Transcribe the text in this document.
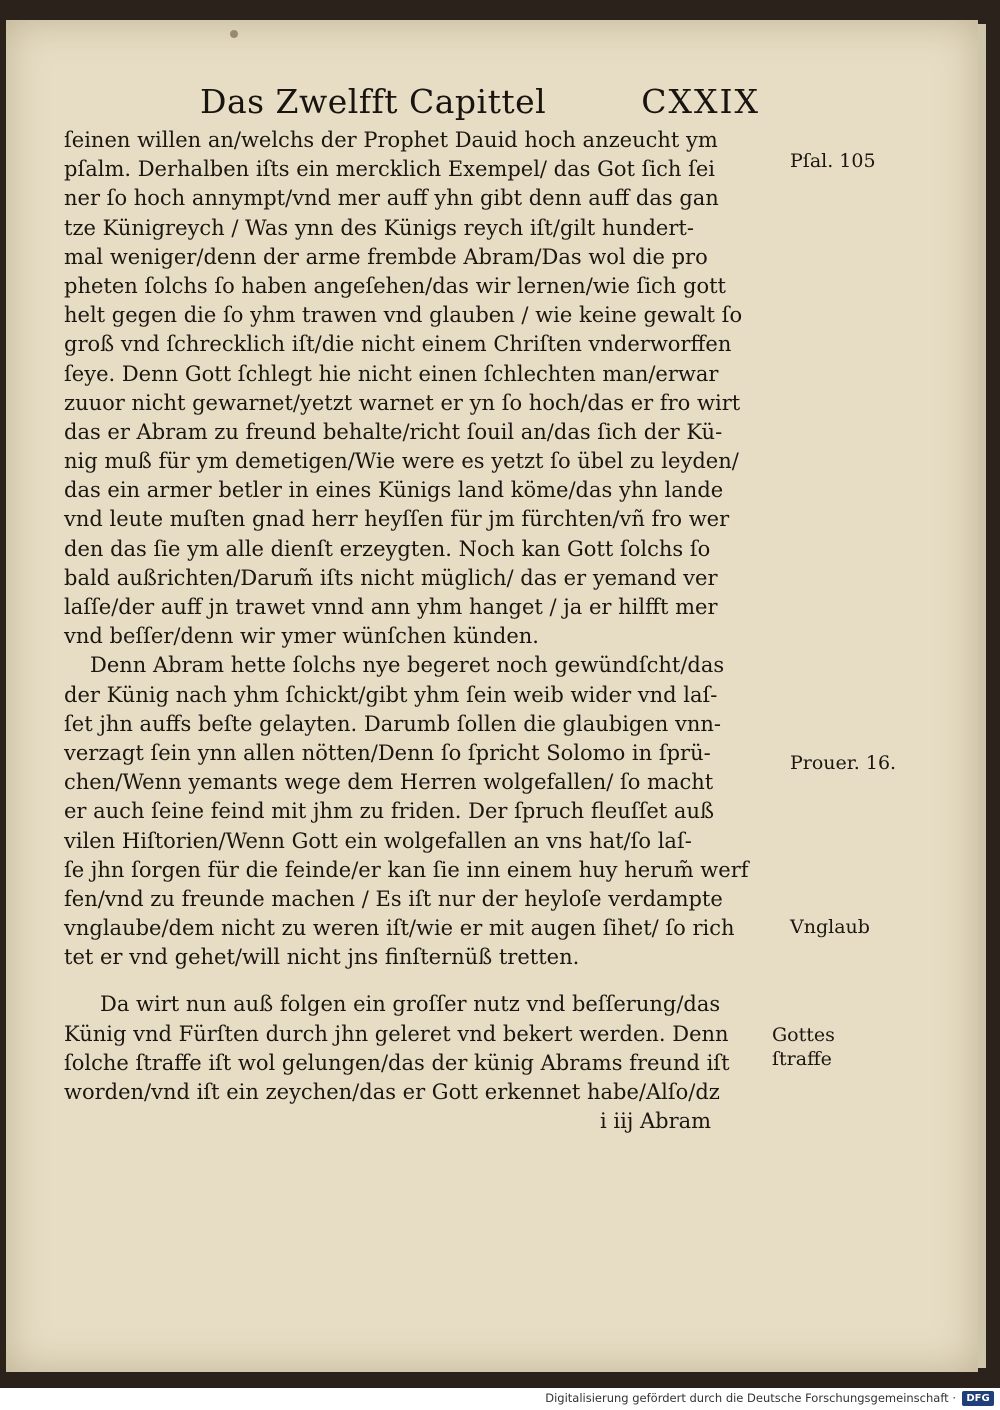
Das Zwelfft Capittel	CXXIX
ſeinen willen an/welchs der Prophet Dauid hoch anzeucht ym
pſalm. Derhalben iſts ein mercklich Exempel/ das Got ſich ſei
ner ſo hoch annympt/vnd mer auff yhn gibt denn auff das gan
tze Künigreych / Was ynn des Künigs reych iſt/gilt hundert-
mal weniger/denn der arme frembde Abram/Das wol die pro
pheten ſolchs ſo haben angeſehen/das wir lernen/wie ſich gott
helt gegen die ſo yhm trawen vnd glauben / wie keine gewalt ſo
groß vnd ſchrecklich iſt/die nicht einem Chriſten vnderworffen
ſeye. Denn Gott ſchlegt hie nicht einen ſchlechten man/erwar
zuuor nicht gewarnet/yetzt warnet er yn ſo hoch/das er fro wirt
das er Abram zu freund behalte/richt ſouil an/das ſich der Kü-
nig muß für ym demetigen/Wie were es yetzt ſo übel zu leyden/
das ein armer betler in eines Künigs land köme/das yhn lande
vnd leute muſten gnad herr heyſſen für jm fürchten/vñ fro wer
den das ſie ym alle dienſt erzeygten. Noch kan Gott ſolchs ſo
bald außrichten/Darum̃ iſts nicht müglich/ das er yemand ver
laſſe/der auff jn trawet vnnd ann yhm hanget / ja er hilfft mer
vnd beſſer/denn wir ymer wünſchen künden.
Denn Abram hette ſolchs nye begeret noch gewündſcht/das
der Künig nach yhm ſchickt/gibt yhm ſein weib wider vnd laſ-
ſet jhn auffs beſte gelayten. Darumb ſollen die glaubigen vnn-
verzagt ſein ynn allen nötten/Denn ſo ſpricht Solomo in ſprü-
chen/Wenn yemants wege dem Herren wolgefallen/ ſo macht
er auch ſeine feind mit jhm zu friden. Der ſpruch fleuſſet auß
vilen Hiſtorien/Wenn Gott ein wolgefallen an vns hat/ſo laſ-
ſe jhn ſorgen für die feinde/er kan ſie inn einem huy herum̃ werf
fen/vnd zu freunde machen / Es iſt nur der heyloſe verdampte
vnglaube/dem nicht zu weren iſt/wie er mit augen ſihet/ ſo rich
tet er vnd gehet/will nicht jns finſternüß tretten.
Da wirt nun auß folgen ein groſſer nutz vnd beſſerung/das
Künig vnd Fürſten durch jhn geleret vnd bekert werden. Denn
ſolche ſtraffe iſt wol gelungen/das der künig Abrams freund iſt
worden/vnd iſt ein zeychen/das er Gott erkennet habe/Alſo/dz
i iij Abram
Pſal. 105
Prouer. 16.
Vnglaub
Gottes
ſtraffe
Digitalisierung gefördert durch die Deutsche Forschungsgemeinschaft ·	DFG
